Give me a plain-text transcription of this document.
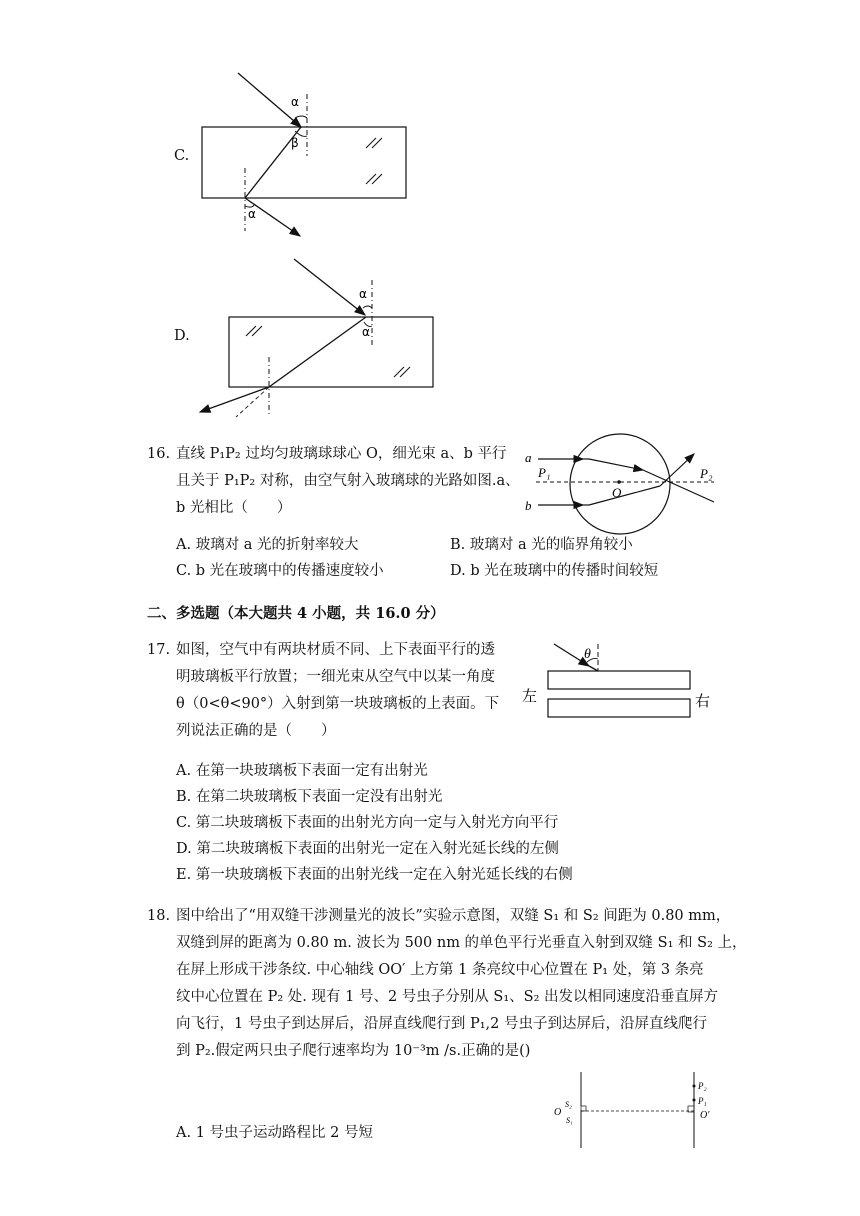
C.
α
β
α
D.
α
α
16. 直线 P₁P₂ 过均匀玻璃球球心 O，细光束 a、b 平行
且关于 P₁P₂ 对称，由空气射入玻璃球的光路如图.a、
b 光相比（　　）
a
b
P₁	P₂
O
A. 玻璃对 a 光的折射率较大	B. 玻璃对 a 光的临界角较小
C. b 光在玻璃中的传播速度较小	D. b 光在玻璃中的传播时间较短
二、多选题（本大题共 4 小题，共 16.0 分）
17. 如图，空气中有两块材质不同、上下表面平行的透
明玻璃板平行放置；一细光束从空气中以某一角度
θ（0<θ<90°）入射到第一块玻璃板的上表面。下
列说法正确的是（　　）
θ
左	右
A. 在第一块玻璃板下表面一定有出射光
B. 在第二块玻璃板下表面一定没有出射光
C. 第二块玻璃板下表面的出射光方向一定与入射光方向平行
D. 第二块玻璃板下表面的出射光一定在入射光延长线的左侧
E. 第一块玻璃板下表面的出射光线一定在入射光延长线的右侧
18. 图中给出了“用双缝干涉测量光的波长”实验示意图，双缝 S₁ 和 S₂ 间距为 0.80 mm，
双缝到屏的距离为 0.80 m. 波长为 500 nm 的单色平行光垂直入射到双缝 S₁ 和 S₂ 上，
在屏上形成干涉条纹. 中心轴线 OO′ 上方第 1 条亮纹中心位置在 P₁ 处，第 3 条亮
纹中心位置在 P₂ 处. 现有 1 号、2 号虫子分别从 S₁、S₂ 出发以相同速度沿垂直屏方
向飞行，1 号虫子到达屏后，沿屏直线爬行到 P₁,2 号虫子到达屏后，沿屏直线爬行
到 P₂.假定两只虫子爬行速率均为 10⁻³m /s.正确的是()
O
S₂
S₁
P₂
P₁
O′
A. 1 号虫子运动路程比 2 号短
